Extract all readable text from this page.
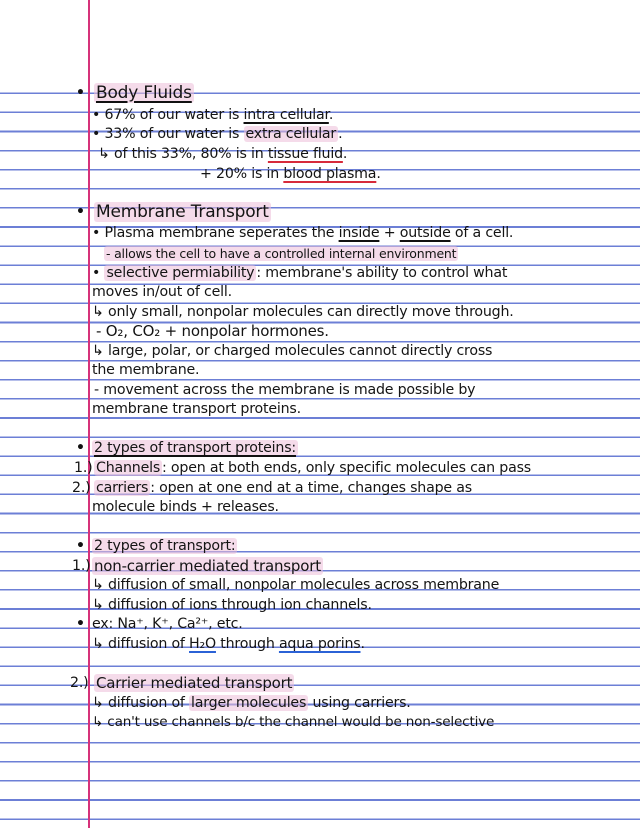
• Body Fluids
• 67% of our water is intra cellular.
• 33% of our water is extra cellular .
↳ of this 33%, 80% is in tissue fluid.
+ 20% is in blood plasma.
• Membrane Transport
• Plasma membrane seperates the inside + outside of a cell.
- allows the cell to have a controlled internal environment
• selective permiability : membrane's ability to control what
moves in/out of cell.
↳ only small, nonpolar molecules can directly move through.
- O₂, CO₂ + nonpolar hormones.
↳ large, polar, or charged molecules cannot directly cross
the membrane.
- movement across the membrane is made possible by
membrane transport proteins.
• 2 types of transport proteins:
1.) Channels : open at both ends, only specific molecules can pass
2.) carriers : open at one end at a time, changes shape as
molecule binds + releases.
• 2 types of transport:
1.) non-carrier mediated transport
↳ diffusion of small, nonpolar molecules across membrane
↳ diffusion of ions through ion channels.
• ex: Na⁺, K⁺, Ca²⁺, etc.
↳ diffusion of H₂O through aqua porins.
2.) Carrier mediated transport
↳ diffusion of larger molecules using carriers.
↳ can't use channels b/c the channel would be non-selective
